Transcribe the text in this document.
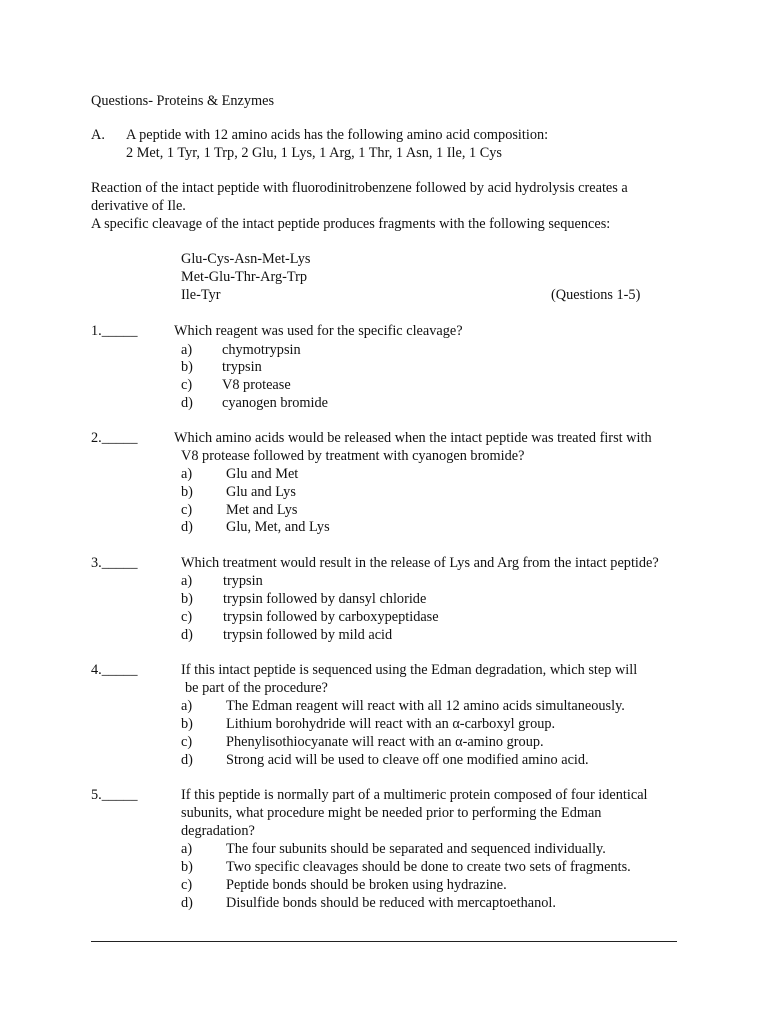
Questions- Proteins & Enzymes
A. A peptide with 12 amino acids has the following amino acid composition:
2 Met, 1 Tyr, 1 Trp, 2 Glu, 1 Lys, 1 Arg, 1 Thr, 1 Asn, 1 Ile, 1 Cys
Reaction of the intact peptide with fluorodinitrobenzene followed by acid hydrolysis creates a
derivative of Ile.
A specific cleavage of the intact peptide produces fragments with the following sequences:
Glu-Cys-Asn-Met-Lys
Met-Glu-Thr-Arg-Trp
Ile-Tyr	(Questions 1-5)
1._____	Which reagent was used for the specific cleavage?
a) chymotrypsin
b) trypsin
c) V8 protease
d) cyanogen bromide
2._____	Which amino acids would be released when the intact peptide was treated first with
V8 protease followed by treatment with cyanogen bromide?
a) Glu and Met
b) Glu and Lys
c) Met and Lys
d) Glu, Met, and Lys
3._____	Which treatment would result in the release of Lys and Arg from the intact peptide?
a) trypsin
b) trypsin followed by dansyl chloride
c) trypsin followed by carboxypeptidase
d) trypsin followed by mild acid
4._____	If this intact peptide is sequenced using the Edman degradation, which step will
be part of the procedure?
a) The Edman reagent will react with all 12 amino acids simultaneously.
b) Lithium borohydride will react with an α-carboxyl group.
c) Phenylisothiocyanate will react with an α-amino group.
d) Strong acid will be used to cleave off one modified amino acid.
5._____	If this peptide is normally part of a multimeric protein composed of four identical
subunits, what procedure might be needed prior to performing the Edman
degradation?
a) The four subunits should be separated and sequenced individually.
b) Two specific cleavages should be done to create two sets of fragments.
c) Peptide bonds should be broken using hydrazine.
d) Disulfide bonds should be reduced with mercaptoethanol.
